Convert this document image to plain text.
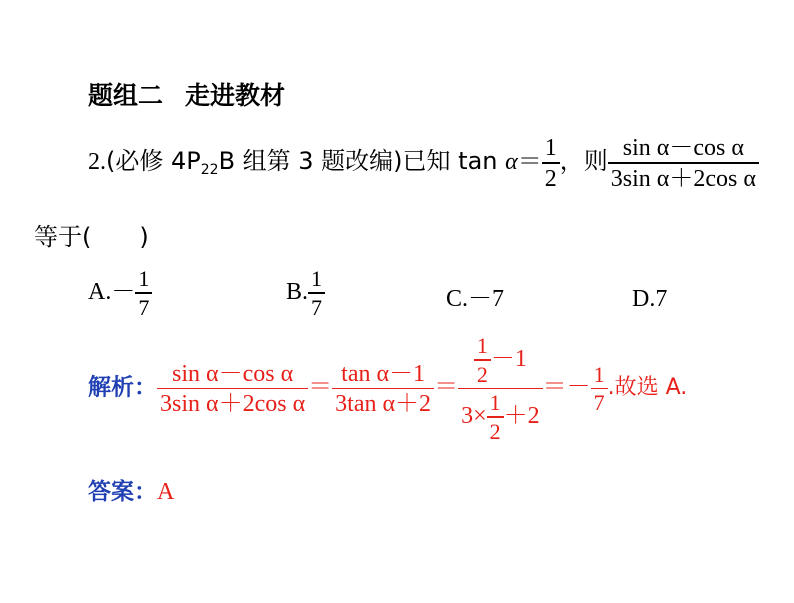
题组二 走进教材
2.(必修 $4P_{22}B$ 组第 3 题改编)已知 $\tan \alpha= \frac{1}{2}$ ，则 $\frac{\text{sin α－cos α}}{\text{3sin α＋2cos α}}$
等于(　　)
$A.- \frac{1}{7}$	B. $\frac{1}{7}$	C.－7	D.7
解析： $\frac{\text{sin α－cos α}}{\text{3sin α＋2cos α}} = \frac{\text{tan α－1}}{\text{3tan α＋2}} = \frac{\frac{1}{2} -1}{3\times \frac{1}{2} +2} =- \frac{1}{7}$ .故选 A.
答案：A
